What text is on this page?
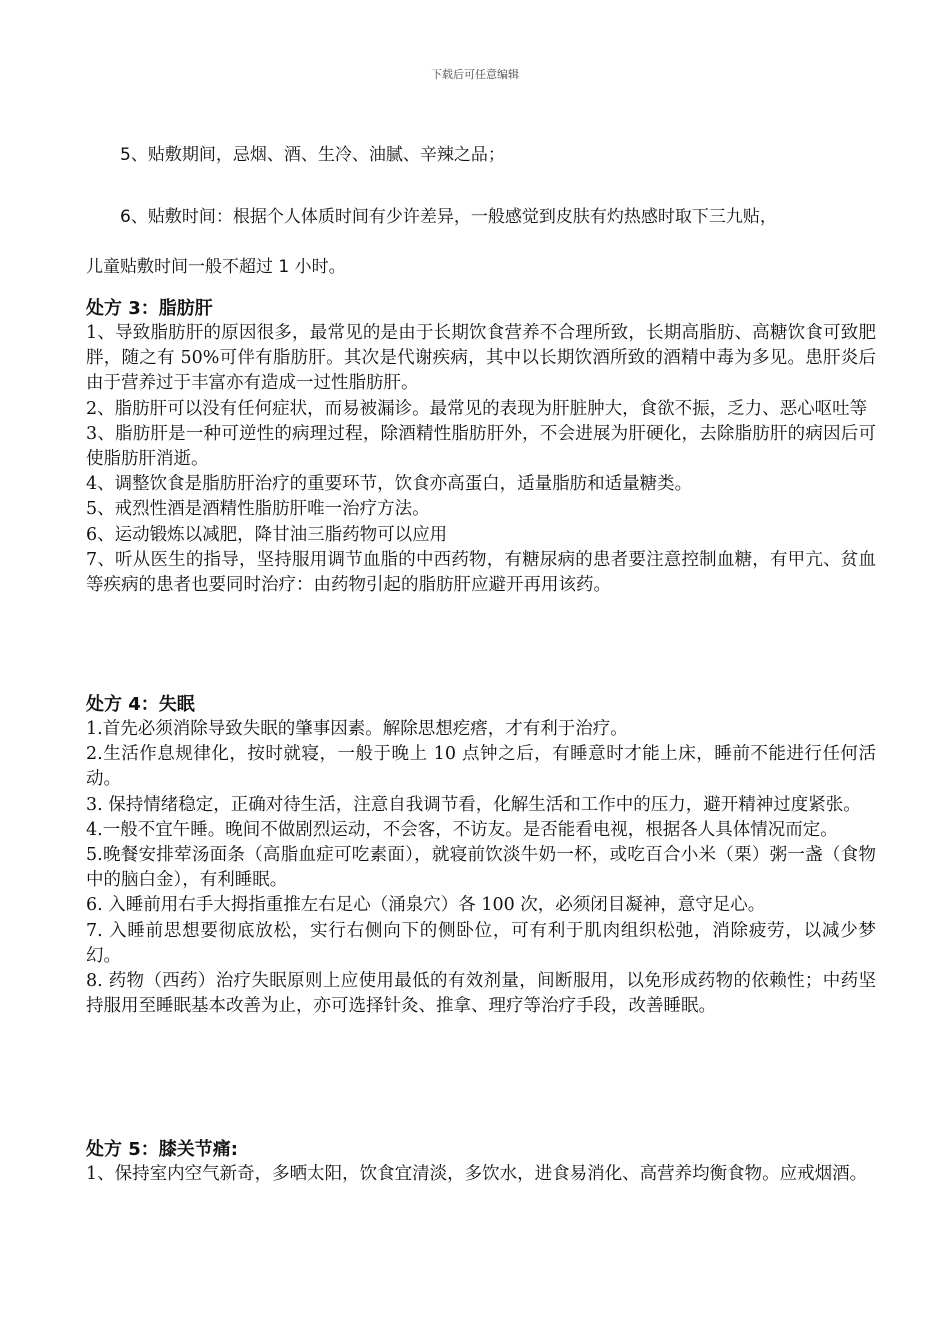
下载后可任意编辑
5、贴敷期间，忌烟、酒、生冷、油腻、辛辣之品；
6、贴敷时间：根据个人体质时间有少许差异，一般感觉到皮肤有灼热感时取下三九贴，
儿童贴敷时间一般不超过 1 小时。

处方 3：脂肪肝

1、导致脂肪肝的原因很多，最常见的是由于长期饮食营养不合理所致，长期高脂肪、高糖饮食可致肥胖，随之有 50%可伴有脂肪肝。其次是代谢疾病，其中以长期饮酒所致的酒精中毒为多见。患肝炎后由于营养过于丰富亦有造成一过性脂肪肝。

2、脂肪肝可以没有任何症状，而易被漏诊。最常见的表现为肝脏肿大，食欲不振，乏力、恶心呕吐等

3、脂肪肝是一种可逆性的病理过程，除酒精性脂肪肝外，不会进展为肝硬化，去除脂肪肝的病因后可使脂肪肝消逝。

4、调整饮食是脂肪肝治疗的重要环节，饮食亦高蛋白，适量脂肪和适量糖类。

5、戒烈性酒是酒精性脂肪肝唯一治疗方法。

6、运动锻炼以减肥，降甘油三脂药物可以应用

7、听从医生的指导，坚持服用调节血脂的中西药物，有糖尿病的患者要注意控制血糖，有甲亢、贫血等疾病的患者也要同时治疗：由药物引起的脂肪肝应避开再用该药。

处方 4：失眠

1.首先必须消除导致失眠的肇事因素。解除思想疙瘩，才有利于治疗。

2.生活作息规律化，按时就寝，一般于晚上 10 点钟之后，有睡意时才能上床，睡前不能进行任何活动。

3. 保持情绪稳定，正确对待生活，注意自我调节看，化解生活和工作中的压力，避开精神过度紧张。

4.一般不宜午睡。晚间不做剧烈运动，不会客，不访友。是否能看电视，根据各人具体情况而定。

5.晚餐安排荤汤面条（高脂血症可吃素面），就寝前饮淡牛奶一杯，或吃百合小米（栗）粥一盏（食物中的脑白金），有利睡眠。

6. 入睡前用右手大拇指重推左右足心（涌泉穴）各 100 次，必须闭目凝神，意守足心。

7. 入睡前思想要彻底放松，实行右侧向下的侧卧位，可有利于肌肉组织松弛，消除疲劳，以减少梦幻。

8. 药物（西药）治疗失眠原则上应使用最低的有效剂量，间断服用，以免形成药物的依赖性；中药坚持服用至睡眠基本改善为止，亦可选择针灸、推拿、理疗等治疗手段，改善睡眠。

处方 5：膝关节痛:

1、保持室内空气新奇，多晒太阳，饮食宜清淡，多饮水，进食易消化、高营养均衡食物。应戒烟酒。
